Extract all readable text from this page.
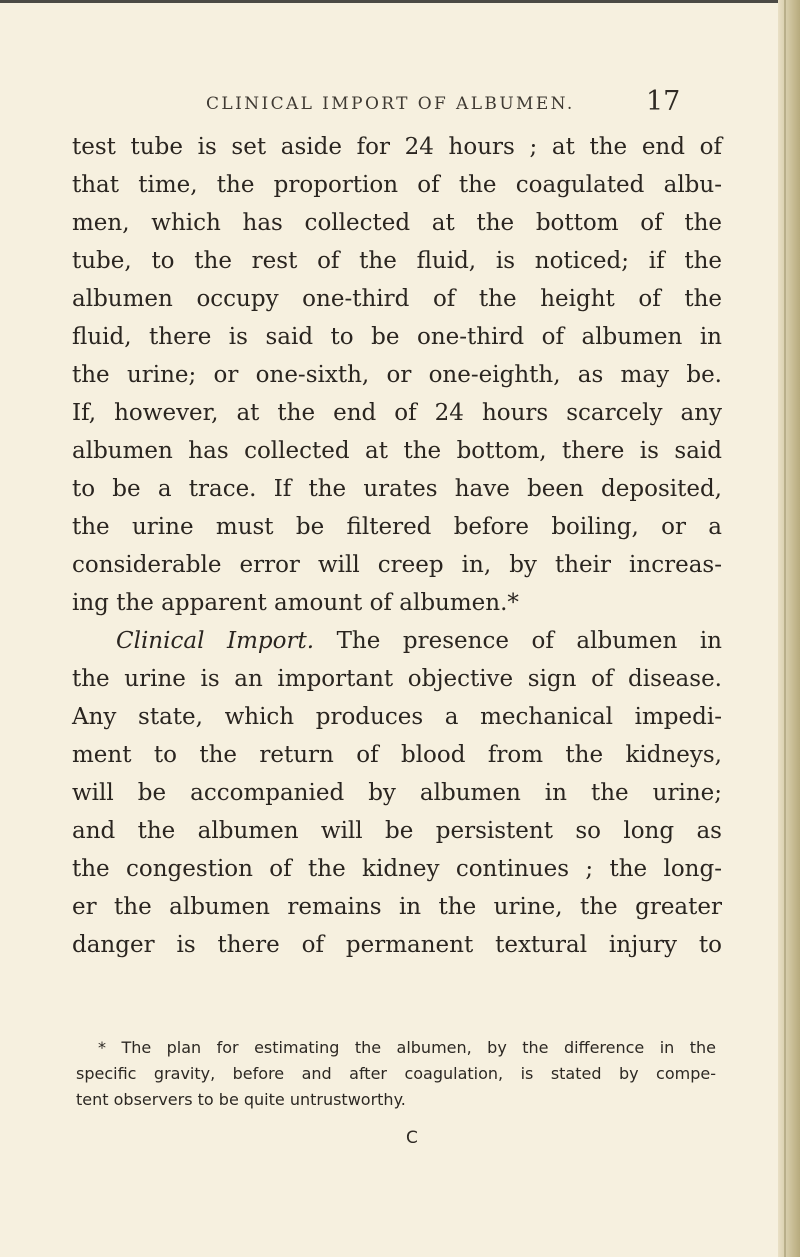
CLINICAL IMPORT OF ALBUMEN.	17
test tube is set aside for 24 hours ; at the end of
that time, the proportion of the coagulated albu-
men, which has collected at the bottom of the
tube, to the rest of the fluid, is noticed; if the
albumen occupy one-third of the height of the
fluid, there is said to be one-third of albumen in
the urine; or one-sixth, or one-eighth, as may be.
If, however, at the end of 24 hours scarcely any
albumen has collected at the bottom, there is said
to be a trace. If the urates have been deposited,
the urine must be filtered before boiling, or a
considerable error will creep in, by their increas-
ing the apparent amount of albumen.*
Clinical Import. The presence of albumen in
the urine is an important objective sign of disease.
Any state, which produces a mechanical impedi-
ment to the return of blood from the kidneys,
will be accompanied by albumen in the urine;
and the albumen will be persistent so long as
the congestion of the kidney continues ; the long-
er the albumen remains in the urine, the greater
danger is there of permanent textural injury to
* The plan for estimating the albumen, by the difference in the
specific gravity, before and after coagulation, is stated by compe-
tent observers to be quite untrustworthy.
C
